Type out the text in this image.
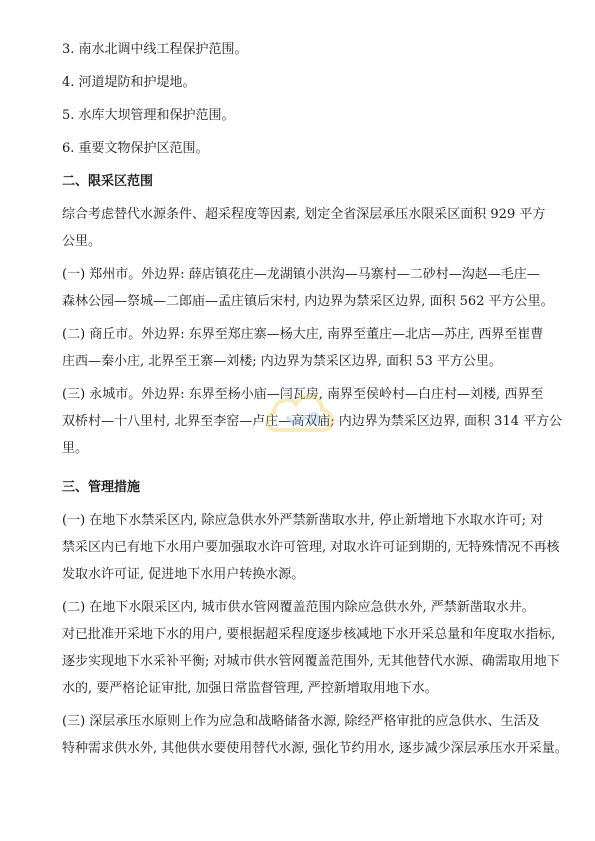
3. 南水北调中线工程保护范围。
4. 河道堤防和护堤地。
5. 水库大坝管理和保护范围。
6. 重要文物保护区范围。
二、限采区范围
综合考虑替代水源条件、超采程度等因素, 划定全省深层承压水限采区面积 929 平方
公里。
(一) 郑州市。外边界: 薛店镇花庄—龙湖镇小洪沟—马寨村—二砂村—沟赵—毛庄—
森林公园—祭城—二郎庙—孟庄镇后宋村, 内边界为禁采区边界, 面积 562 平方公里。
(二) 商丘市。外边界: 东界至郑庄寨—杨大庄, 南界至董庄—北店—苏庄, 西界至崔曹
庄西—秦小庄, 北界至王寨—刘楼; 内边界为禁采区边界, 面积 53 平方公里。
(三) 永城市。外边界: 东界至杨小庙—闫瓦房, 南界至侯岭村—白庄村—刘楼, 西界至
双桥村—十八里村, 北界至李窑—卢庄—高双庙; 内边界为禁采区边界, 面积 314 平方公
里。
三、管理措施
(一) 在地下水禁采区内, 除应急供水外严禁新凿取水井, 停止新增地下水取水许可; 对
禁采区内已有地下水用户要加强取水许可管理, 对取水许可证到期的, 无特殊情况不再核
发取水许可证, 促进地下水用户转换水源。
(二) 在地下水限采区内, 城市供水管网覆盖范围内除应急供水外, 严禁新凿取水井。
对已批准开采地下水的用户, 要根据超采程度逐步核减地下水开采总量和年度取水指标,
逐步实现地下水采补平衡; 对城市供水管网覆盖范围外, 无其他替代水源、确需取用地下
水的, 要严格论证审批, 加强日常监督管理, 严控新增取用地下水。
(三) 深层承压水原则上作为应急和战略储备水源, 除经严格审批的应急供水、生活及
特种需求供水外, 其他供水要使用替代水源, 强化节约用水, 逐步减少深层承压水开采量。
